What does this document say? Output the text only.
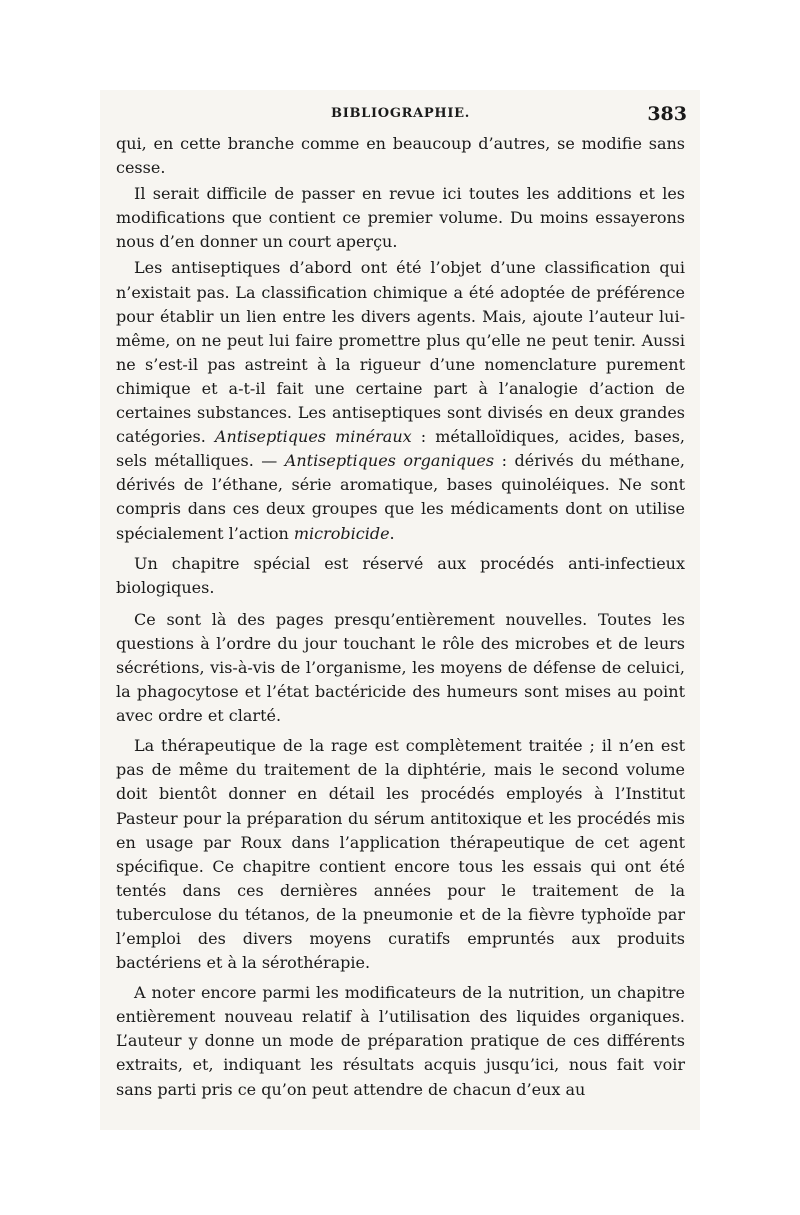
BIBLIOGRAPHIE.	383

qui, en cette branche comme en beaucoup d’autres, se modifie sans cesse.

Il serait difficile de passer en revue ici toutes les additions et les modifications que contient ce premier volume. Du moins essayerons nous d’en donner un court aperçu.

Les antiseptiques d’abord ont été l’objet d’une classification qui n’existait pas. La classification chimique a été adoptée de préférence pour établir un lien entre les divers agents. Mais, ajoute l’auteur lui-même, on ne peut lui faire promettre plus qu’elle ne peut tenir. Aussi ne s’est-il pas astreint à la rigueur d’une nomenclature purement chimique et a-t-il fait une certaine part à l’analogie d’action de certaines substances. Les antiseptiques sont divisés en deux grandes catégories. Antiseptiques minéraux : métalloïdiques, acides, bases, sels métalliques. — Antiseptiques organiques : dérivés du méthane, dérivés de l’éthane, série aromatique, bases quinoléiques. Ne sont compris dans ces deux groupes que les médicaments dont on utilise spécialement l’action microbicide.

Un chapitre spécial est réservé aux procédés anti-infectieux biologiques.

Ce sont là des pages presqu’entièrement nouvelles. Toutes les questions à l’ordre du jour touchant le rôle des microbes et de leurs sécrétions, vis-à-vis de l’organisme, les moyens de défense de celuici, la phagocytose et l’état bactéricide des humeurs sont mises au point avec ordre et clarté.

La thérapeutique de la rage est complètement traitée ; il n’en est pas de même du traitement de la diphtérie, mais le second volume doit bientôt donner en détail les procédés employés à l’Institut Pasteur pour la préparation du sérum antitoxique et les procédés mis en usage par Roux dans l’application thérapeutique de cet agent spécifique. Ce chapitre contient encore tous les essais qui ont été tentés dans ces dernières années pour le traitement de la tuberculose du tétanos, de la pneumonie et de la fièvre typhoïde par l’emploi des divers moyens curatifs empruntés aux produits bactériens et à la sérothérapie.

A noter encore parmi les modificateurs de la nutrition, un chapitre entièrement nouveau relatif à l’utilisation des liquides organiques. L’auteur y donne un mode de préparation pratique de ces différents extraits, et, indiquant les résultats acquis jusqu’ici, nous fait voir sans parti pris ce qu’on peut attendre de chacun d’eux au
